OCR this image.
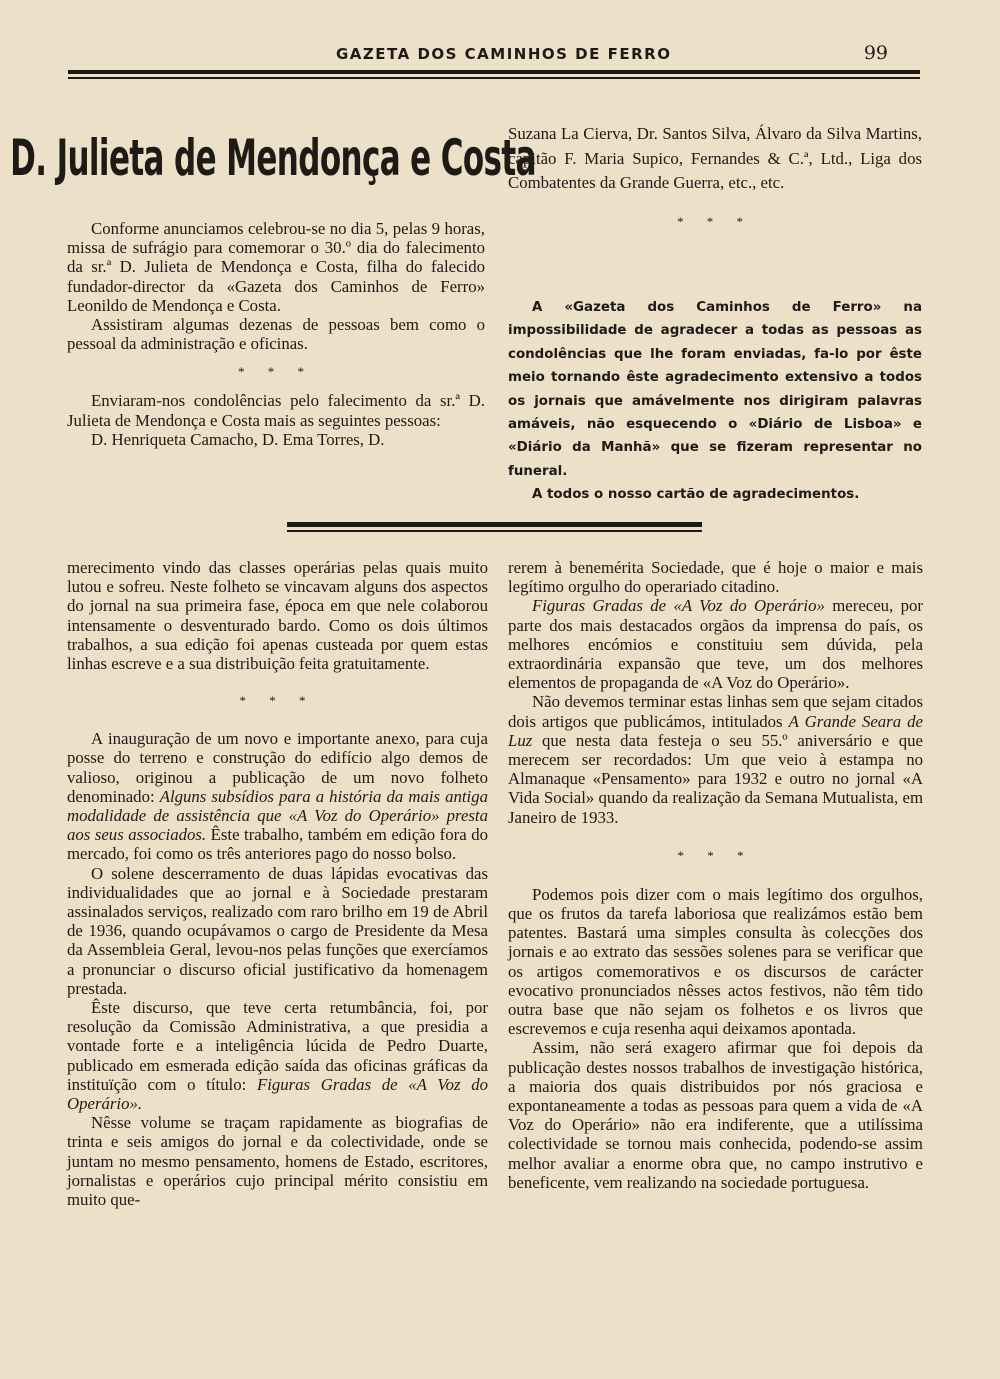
GAZETA DOS CAMINHOS DE FERRO	99
D. Julieta de Mendonça e Costa

Conforme anunciamos celebrou-se no dia 5, pelas 9 horas, missa de sufrágio para comemorar o 30.º dia do falecimento da sr.ª D. Julieta de Mendonça e Costa, filha do falecido fundador-director da «Gazeta dos Caminhos de Ferro» Leonildo de Mendonça e Costa.

Assistiram algumas dezenas de pessoas bem como o pessoal da administração e oficinas.

* * *

Enviaram-nos condolências pelo falecimento da sr.ª D. Julieta de Mendonça e Costa mais as seguintes pessoas:

D. Henriqueta Camacho, D. Ema Torres, D.

Suzana La Cierva, Dr. Santos Silva, Álvaro da Silva Martins, capitão F. Maria Supico, Fernandes & C.ª, Ltd., Liga dos Combatentes da Grande Guerra, etc., etc.

* * *

A «Gazeta dos Caminhos de Ferro» na impossibilidade de agradecer a todas as pessoas as condolências que lhe foram enviadas, fa-lo por êste meio tornando êste agradecimento extensivo a todos os jornais que amávelmente nos dirigiram palavras amáveis, não esquecendo o «Diário de Lisboa» e «Diário da Manhã» que se fizeram representar no funeral.

A todos o nosso cartão de agradecimentos.

merecimento vindo das classes operárias pelas quais muito lutou e sofreu. Neste folheto se vincavam alguns dos aspectos do jornal na sua primeira fase, época em que nele colaborou intensamente o desventurado bardo. Como os dois últimos trabalhos, a sua edição foi apenas custeada por quem estas linhas escreve e a sua distribuição feita gratuitamente.

* * *

A inauguração de um novo e importante anexo, para cuja posse do terreno e construção do edifício algo demos de valioso, originou a publicação de um novo folheto denominado: Alguns subsídios para a história da mais antiga modalidade de assistência que «A Voz do Operário» presta aos seus associados. Êste trabalho, também em edição fora do mercado, foi como os três anteriores pago do nosso bolso.

O solene descerramento de duas lápidas evocativas das individualidades que ao jornal e à Sociedade prestaram assinalados serviços, realizado com raro brilho em 19 de Abril de 1936, quando ocupávamos o cargo de Presidente da Mesa da Assembleia Geral, levou-nos pelas funções que exercíamos a pronunciar o discurso oficial justificativo da homenagem prestada.

Êste discurso, que teve certa retumbância, foi, por resolução da Comissão Administrativa, a que presidia a vontade forte e a inteligência lúcida de Pedro Duarte, publicado em esmerada edição saída das oficinas gráficas da instituïção com o título: Figuras Gradas de «A Voz do Operário».

Nêsse volume se traçam rapidamente as biografias de trinta e seis amigos do jornal e da colectividade, onde se juntam no mesmo pensamento, homens de Estado, escritores, jornalistas e operários cujo principal mérito consistiu em muito que-

rerem à benemérita Sociedade, que é hoje o maior e mais legítimo orgulho do operariado citadino.

Figuras Gradas de «A Voz do Operário» mereceu, por parte dos mais destacados orgãos da imprensa do país, os melhores encómios e constituiu sem dúvida, pela extraordinária expansão que teve, um dos melhores elementos de propaganda de «A Voz do Operário».

Não devemos terminar estas linhas sem que sejam citados dois artigos que publicámos, intitulados A Grande Seara de Luz que nesta data festeja o seu 55.º aniversário e que merecem ser recordados: Um que veio à estampa no Almanaque «Pensamento» para 1932 e outro no jornal «A Vida Social» quando da realização da Semana Mutualista, em Janeiro de 1933.

* * *

Podemos pois dizer com o mais legítimo dos orgulhos, que os frutos da tarefa laboriosa que realizámos estão bem patentes. Bastará uma simples consulta às colecções dos jornais e ao extrato das sessões solenes para se verificar que os artigos comemorativos e os discursos de carácter evocativo pronunciados nêsses actos festivos, não têm tido outra base que não sejam os folhetos e os livros que escrevemos e cuja resenha aqui deixamos apontada.

Assim, não será exagero afirmar que foi depois da publicação destes nossos trabalhos de investigação histórica, a maioria dos quais distribuidos por nós graciosa e expontaneamente a todas as pessoas para quem a vida de «A Voz do Operário» não era indiferente, que a utilíssima colectividade se tornou mais conhecida, podendo-se assim melhor avaliar a enorme obra que, no campo instrutivo e beneficente, vem realizando na sociedade portuguesa.
